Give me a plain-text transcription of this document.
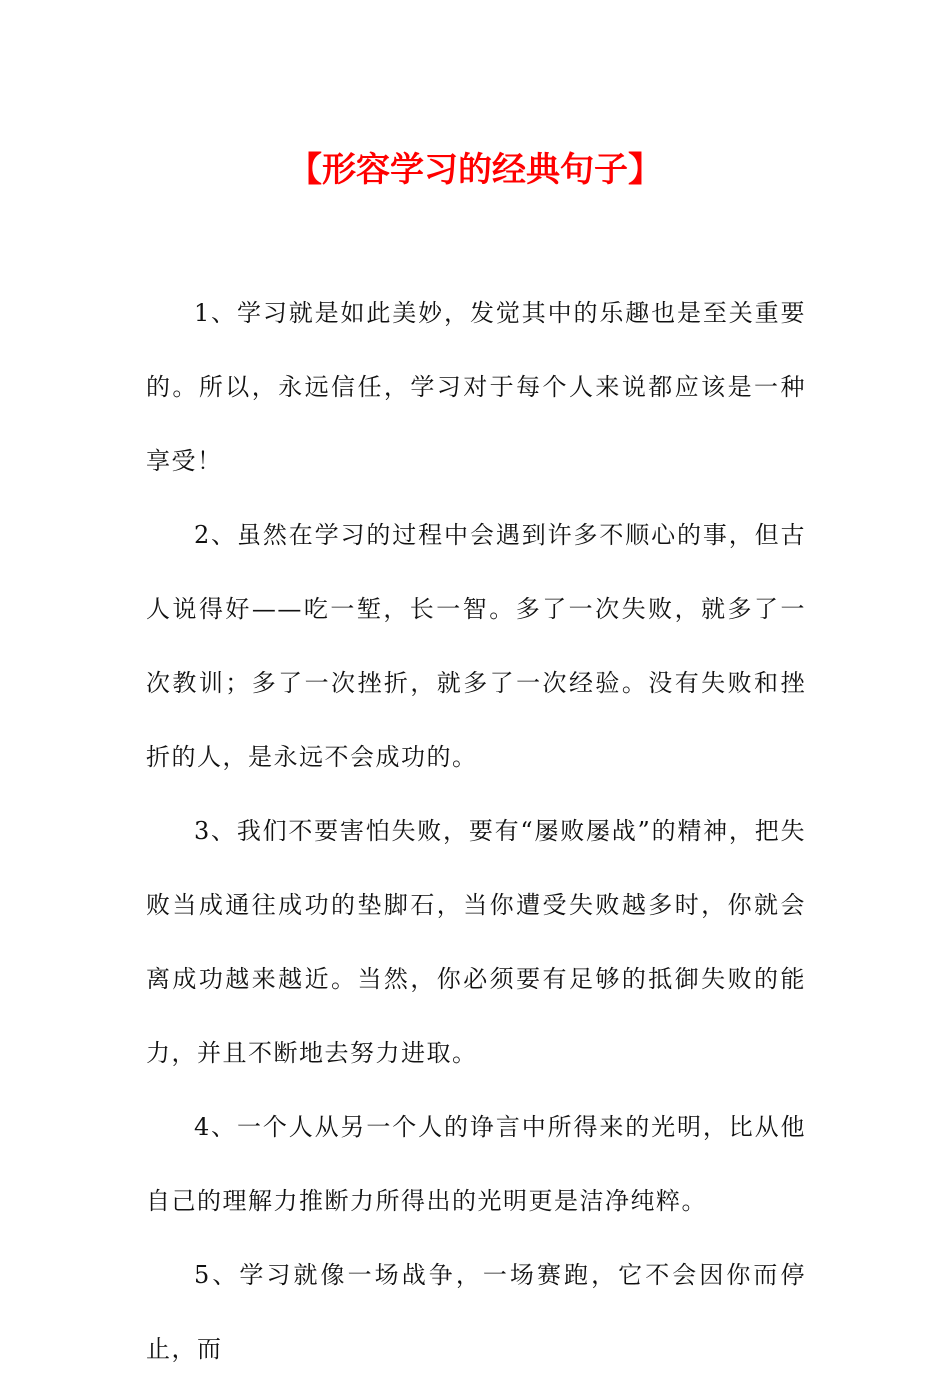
【形容学习的经典句子】

1、学习就是如此美妙，发觉其中的乐趣也是至关重要的。所以，永远信任，学习对于每个人来说都应该是一种享受！

2、虽然在学习的过程中会遇到许多不顺心的事，但古人说得好——吃一堑，长一智。多了一次失败，就多了一次教训；多了一次挫折，就多了一次经验。没有失败和挫折的人，是永远不会成功的。

3、我们不要害怕失败，要有“屡败屡战”的精神，把失败当成通往成功的垫脚石，当你遭受失败越多时，你就会离成功越来越近。当然，你必须要有足够的抵御失败的能力，并且不断地去努力进取。

4、一个人从另一个人的诤言中所得来的光明，比从他自己的理解力推断力所得出的光明更是洁净纯粹。

5、学习就像一场战争，一场赛跑，它不会因你而停止，而
